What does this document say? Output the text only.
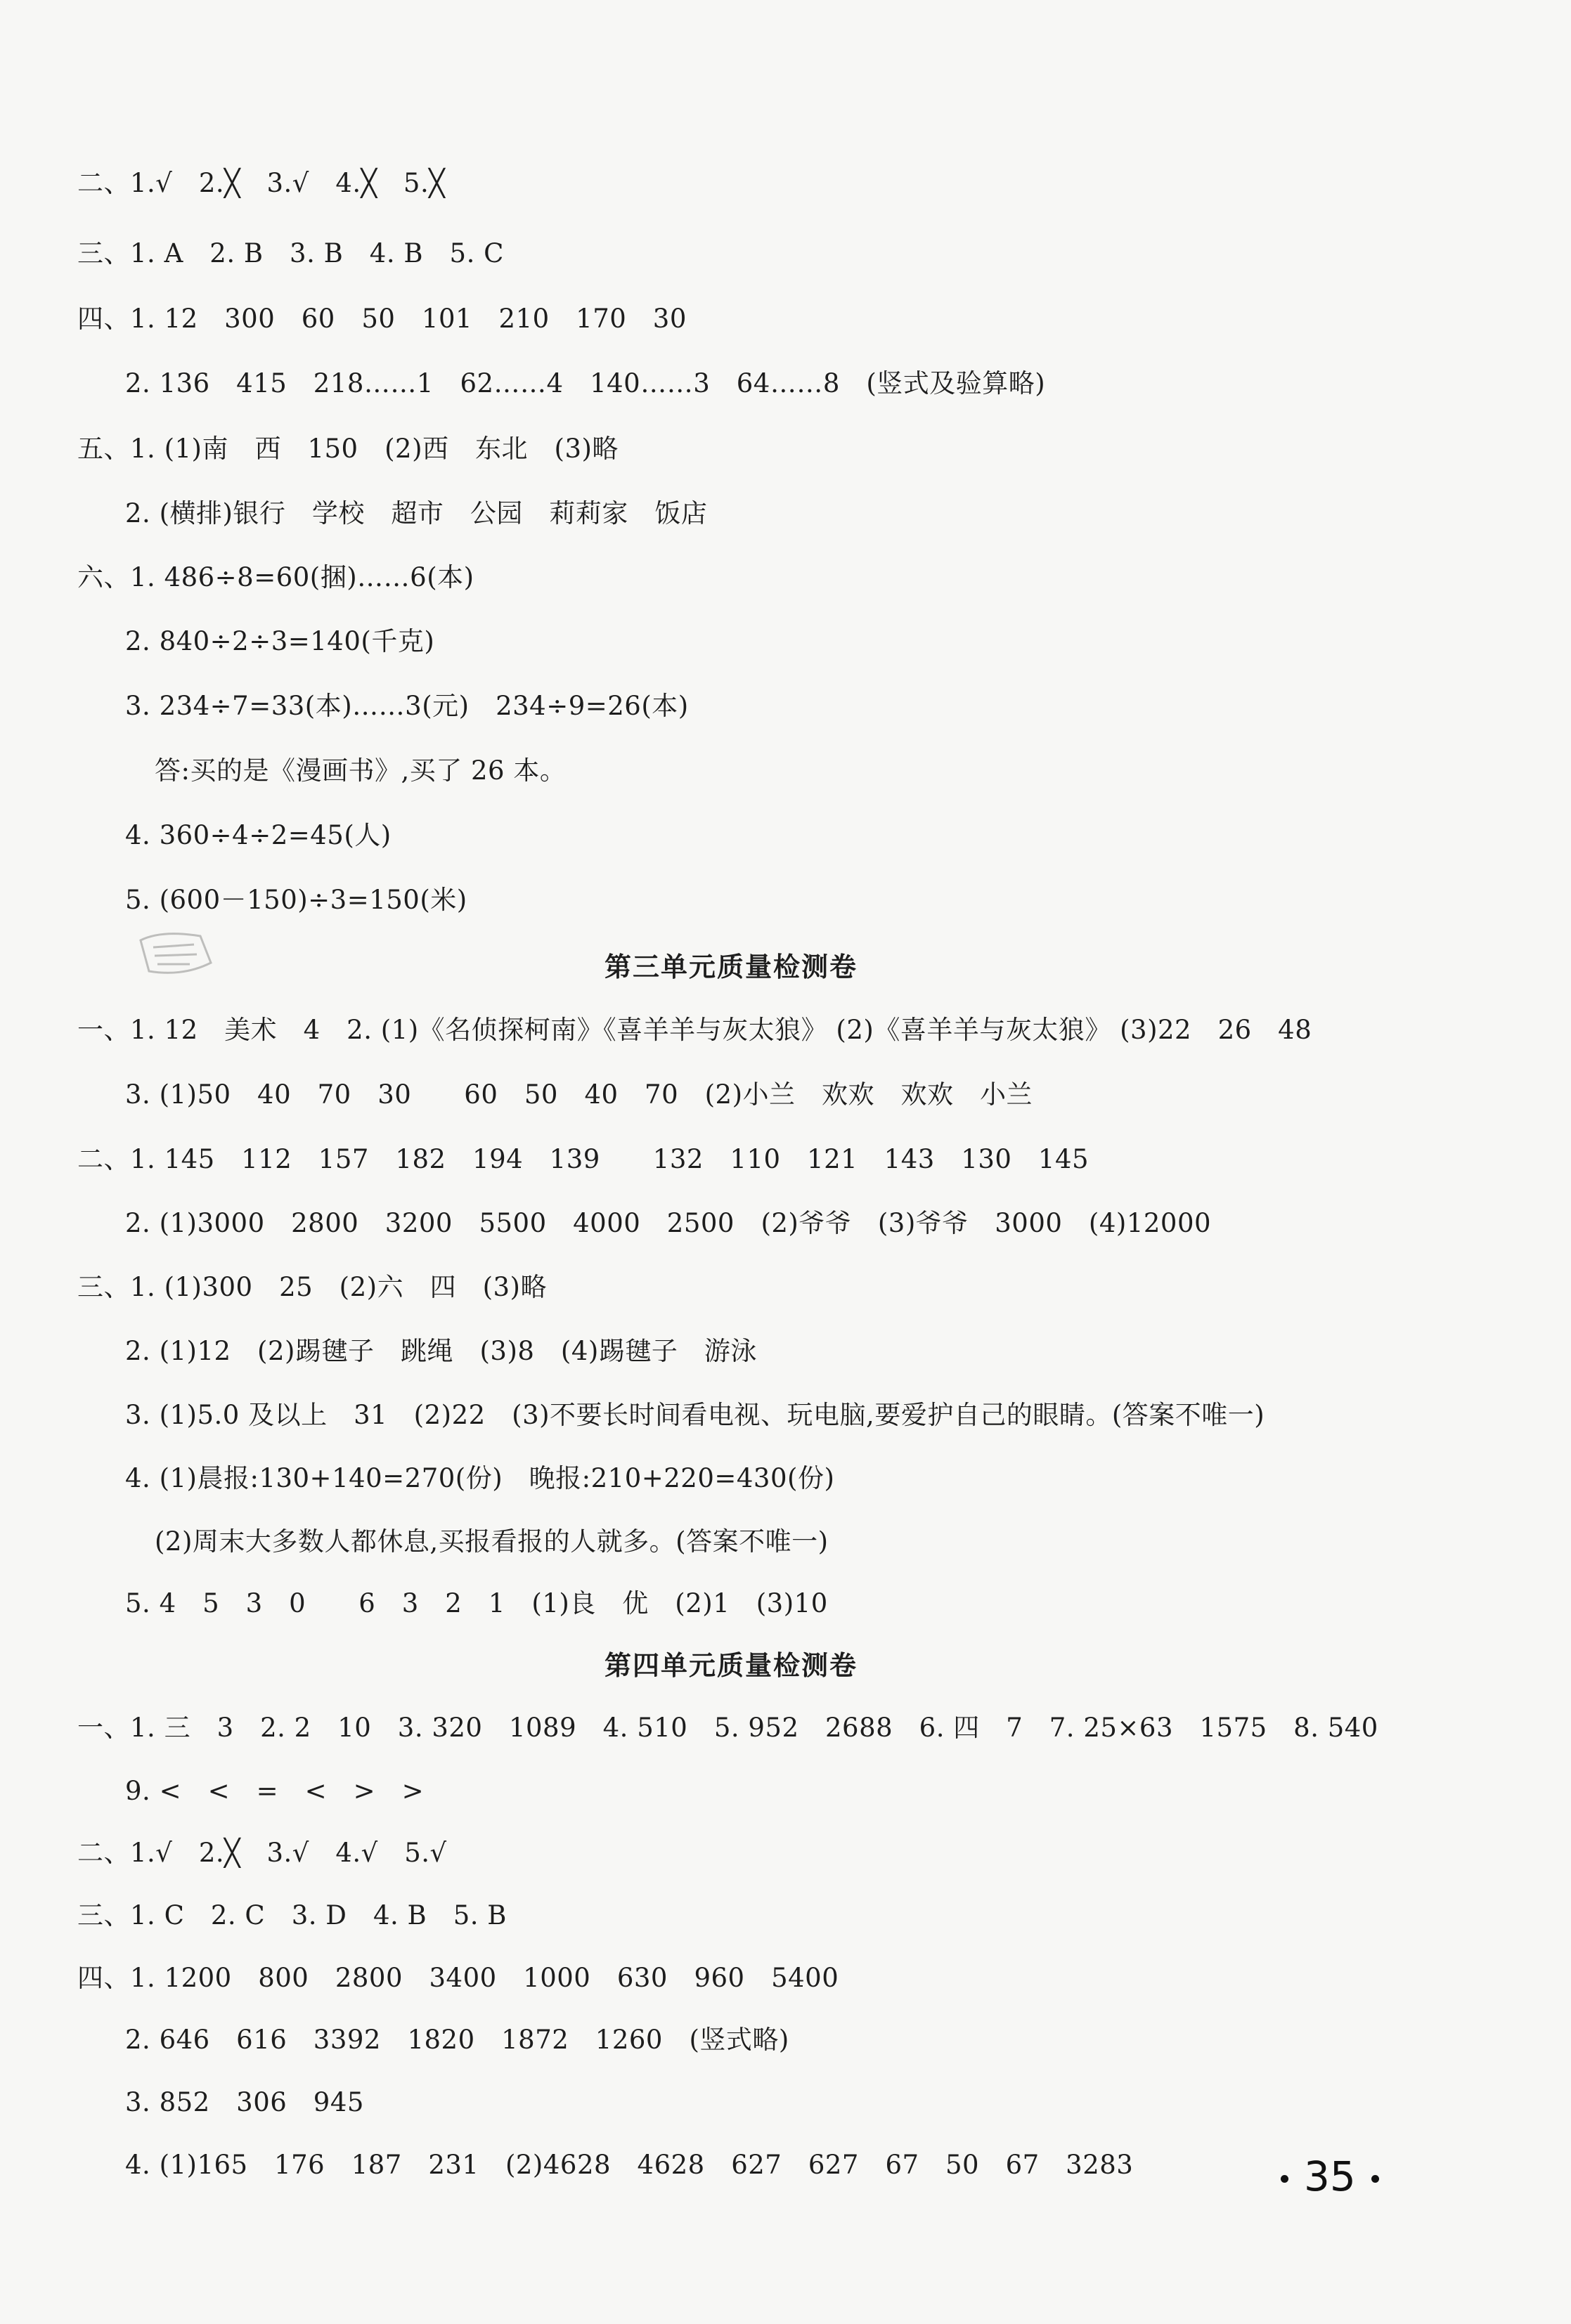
二、1.√　2.╳　3.√　4.╳　5.╳
三、1. A　2. B　3. B　4. B　5. C
四、1. 12　300　60　50　101　210　170　30
2. 136　415　218……1　62……4　140……3　64……8　(竖式及验算略)
五、1. (1)南　西　150　(2)西　东北　(3)略
2. (横排)银行　学校　超市　公园　莉莉家　饭店
六、1. 486÷8=60(捆)……6(本)
2. 840÷2÷3=140(千克)
3. 234÷7=33(本)……3(元)　234÷9=26(本)
答:买的是《漫画书》,买了 26 本。
4. 360÷4÷2=45(人)
5. (600－150)÷3=150(米)
第三单元质量检测卷
一、1. 12　美术　4　2. (1)《名侦探柯南》《喜羊羊与灰太狼》 (2)《喜羊羊与灰太狼》 (3)22　26　48
3. (1)50　40　70　30　　60　50　40　70　(2)小兰　欢欢　欢欢　小兰
二、1. 145　112　157　182　194　139　　132　110　121　143　130　145
2. (1)3000　2800　3200　5500　4000　2500　(2)爷爷　(3)爷爷　3000　(4)12000
三、1. (1)300　25　(2)六　四　(3)略
2. (1)12　(2)踢毽子　跳绳　(3)8　(4)踢毽子　游泳
3. (1)5.0 及以上　31　(2)22　(3)不要长时间看电视、玩电脑,要爱护自己的眼睛。(答案不唯一)
4. (1)晨报:130+140=270(份)　晚报:210+220=430(份)
(2)周末大多数人都休息,买报看报的人就多。(答案不唯一)
5. 4　5　3　0　　6　3　2　1　(1)良　优　(2)1　(3)10
第四单元质量检测卷
一、1. 三　3　2. 2　10　3. 320　1089　4. 510　5. 952　2688　6. 四　7　7. 25×63　1575　8. 540
9. <　<　=　<　>　>
二、1.√　2.╳　3.√　4.√　5.√
三、1. C　2. C　3. D　4. B　5. B
四、1. 1200　800　2800　3400　1000　630　960　5400
2. 646　616　3392　1820　1872　1260　(竖式略)
3. 852　306　945
4. (1)165　176　187　231　(2)4628　4628　627　627　67　50　67　3283	35
